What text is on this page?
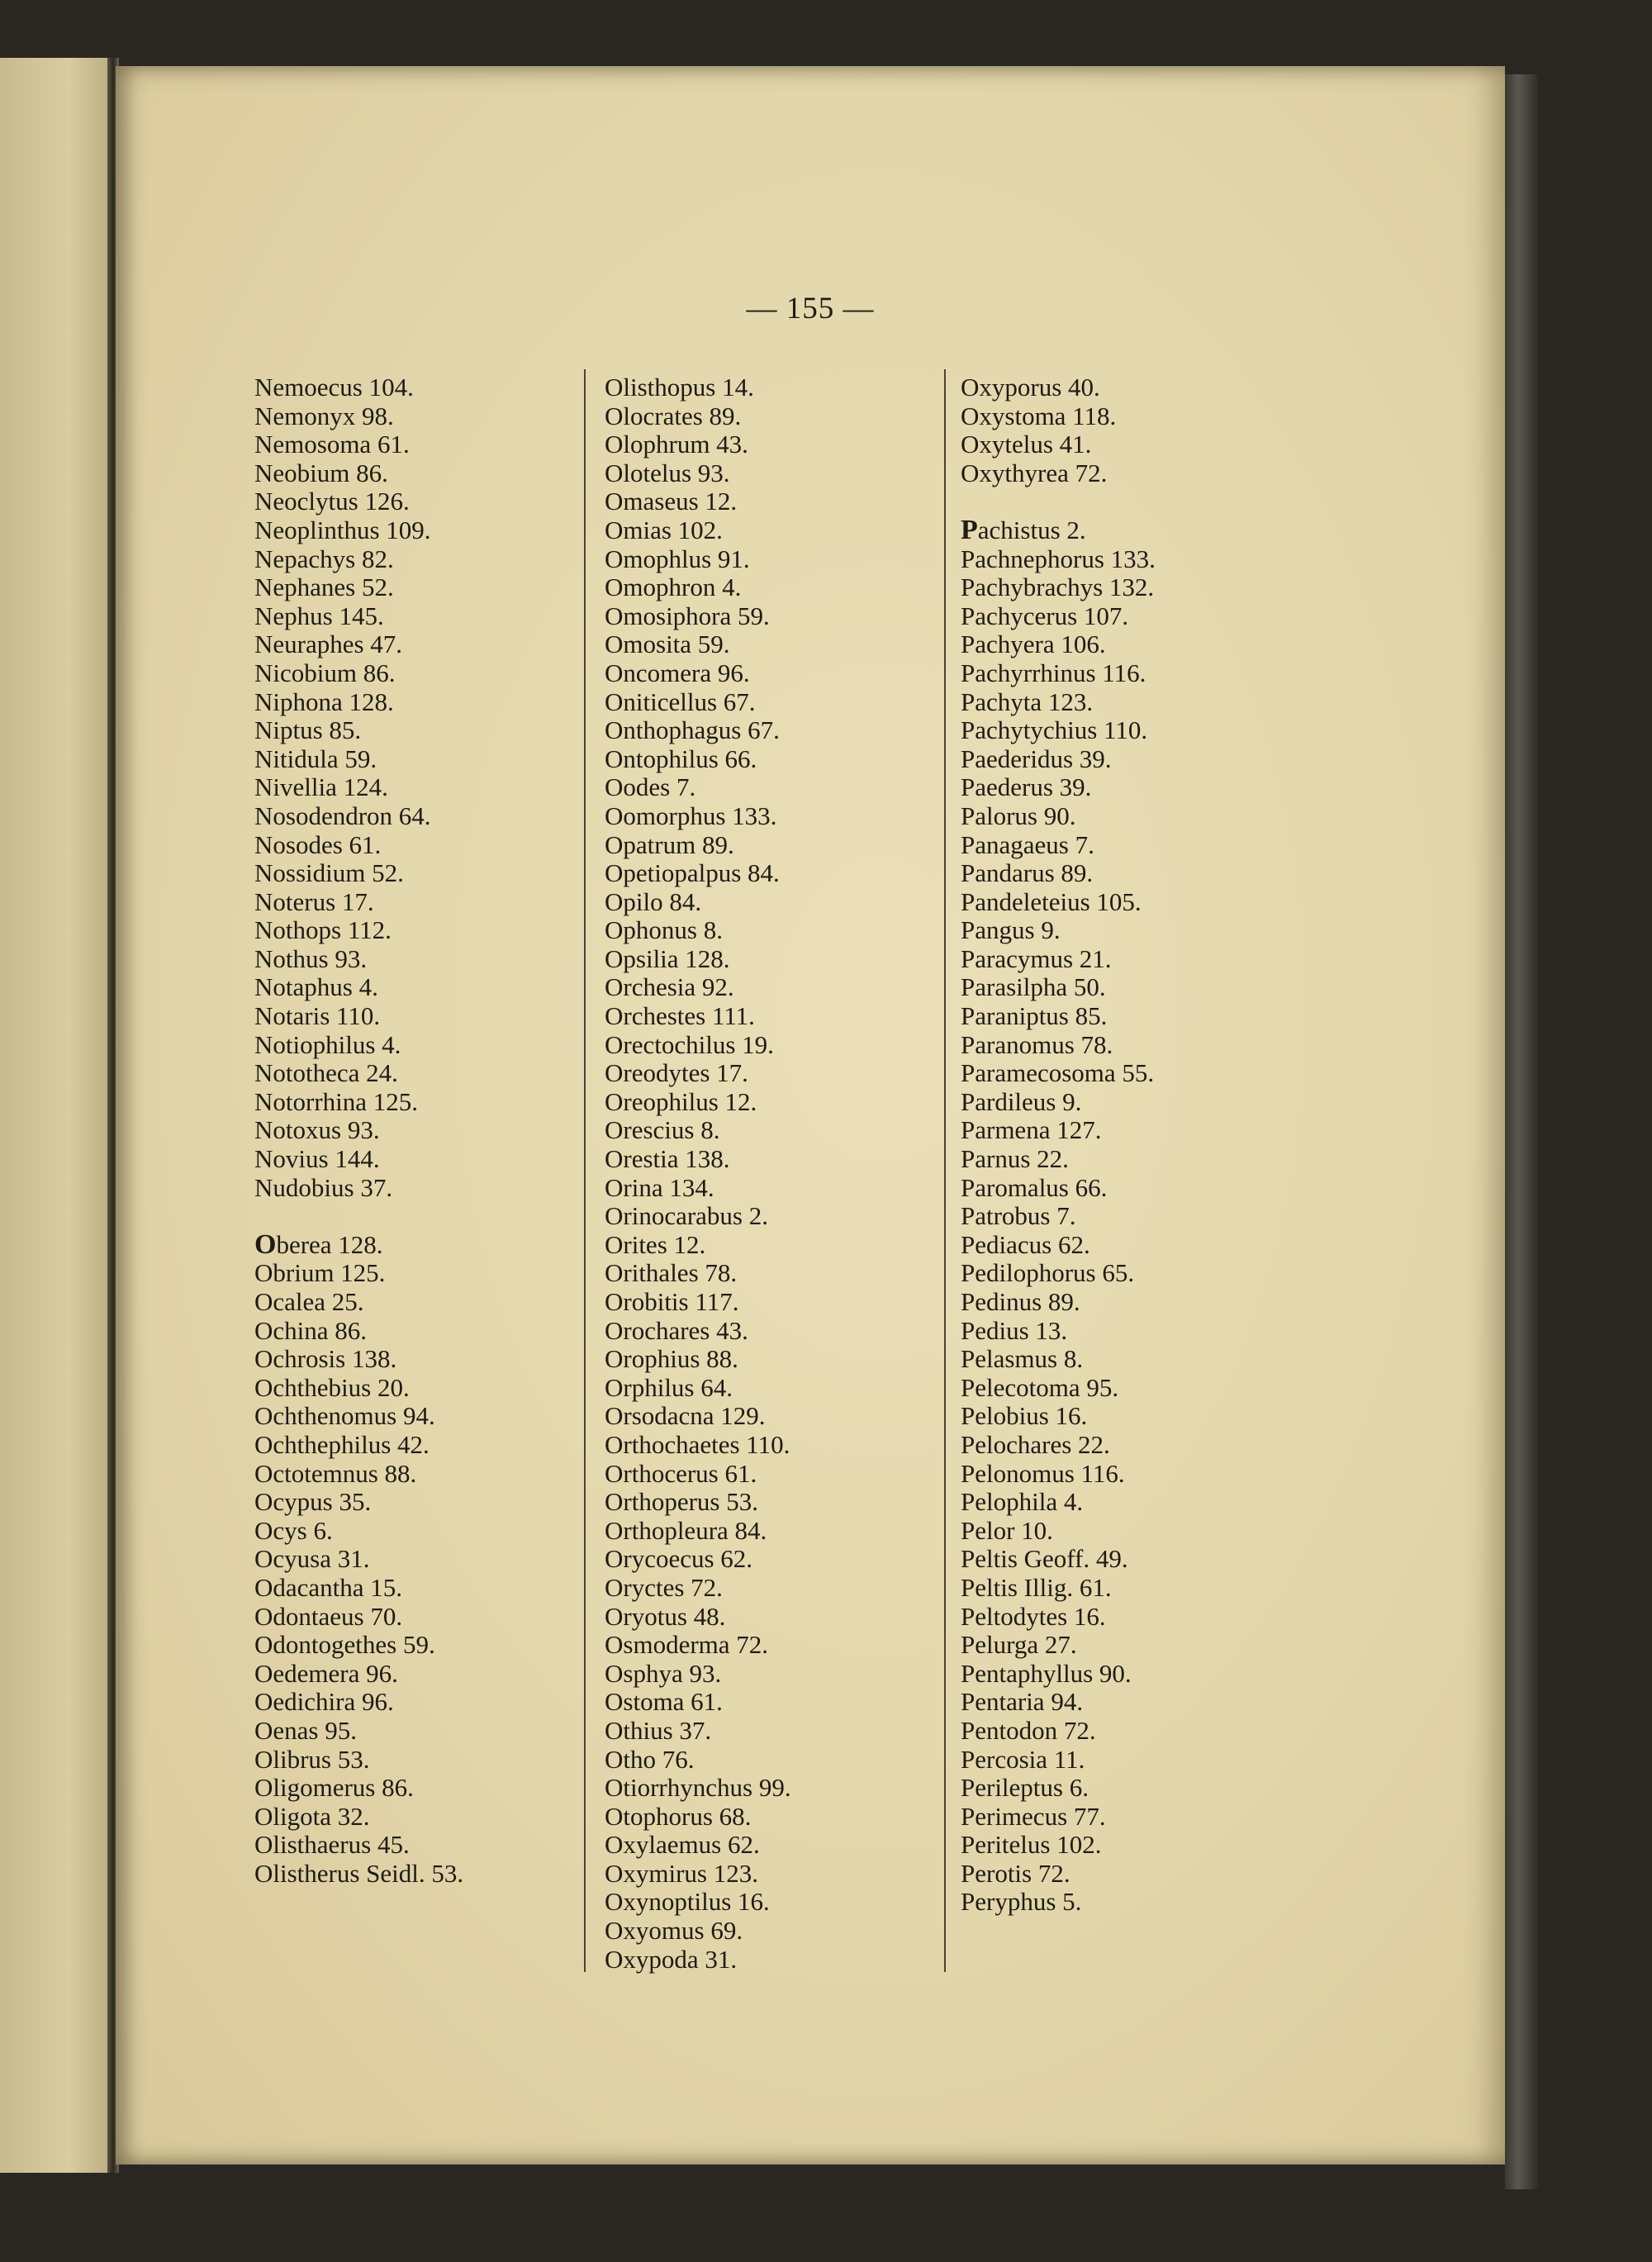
— 155 —
Nemoecus 104.
Nemonyx 98.
Nemosoma 61.
Neobium 86.
Neoclytus 126.
Neoplinthus 109.
Nepachys 82.
Nephanes 52.
Nephus 145.
Neuraphes 47.
Nicobium 86.
Niphona 128.
Niptus 85.
Nitidula 59.
Nivellia 124.
Nosodendron 64.
Nosodes 61.
Nossidium 52.
Noterus 17.
Nothops 112.
Nothus 93.
Notaphus 4.
Notaris 110.
Notiophilus 4.
Nototheca 24.
Notorrhina 125.
Notoxus 93.
Novius 144.
Nudobius 37.
Oberea 128.
Obrium 125.
Ocalea 25.
Ochina 86.
Ochrosis 138.
Ochthebius 20.
Ochthenomus 94.
Ochthephilus 42.
Octotemnus 88.
Ocypus 35.
Ocys 6.
Ocyusa 31.
Odacantha 15.
Odontaeus 70.
Odontogethes 59.
Oedemera 96.
Oedichira 96.
Oenas 95.
Olibrus 53.
Oligomerus 86.
Oligota 32.
Olisthaerus 45.
Olistherus Seidl. 53.
Olisthopus 14.
Olocrates 89.
Olophrum 43.
Olotelus 93.
Omaseus 12.
Omias 102.
Omophlus 91.
Omophron 4.
Omosiphora 59.
Omosita 59.
Oncomera 96.
Oniticellus 67.
Onthophagus 67.
Ontophilus 66.
Oodes 7.
Oomorphus 133.
Opatrum 89.
Opetiopalpus 84.
Opilo 84.
Ophonus 8.
Opsilia 128.
Orchesia 92.
Orchestes 111.
Orectochilus 19.
Oreodytes 17.
Oreophilus 12.
Orescius 8.
Orestia 138.
Orina 134.
Orinocarabus 2.
Orites 12.
Orithales 78.
Orobitis 117.
Orochares 43.
Orophius 88.
Orphilus 64.
Orsodacna 129.
Orthochaetes 110.
Orthocerus 61.
Orthoperus 53.
Orthopleura 84.
Orycoecus 62.
Oryctes 72.
Oryotus 48.
Osmoderma 72.
Osphya 93.
Ostoma 61.
Othius 37.
Otho 76.
Otiorrhynchus 99.
Otophorus 68.
Oxylaemus 62.
Oxymirus 123.
Oxynoptilus 16.
Oxyomus 69.
Oxypoda 31.
Oxyporus 40.
Oxystoma 118.
Oxytelus 41.
Oxythyrea 72.
Pachistus 2.
Pachnephorus 133.
Pachybrachys 132.
Pachycerus 107.
Pachyera 106.
Pachyrrhinus 116.
Pachyta 123.
Pachytychius 110.
Paederidus 39.
Paederus 39.
Palorus 90.
Panagaeus 7.
Pandarus 89.
Pandeleteius 105.
Pangus 9.
Paracymus 21.
Parasilpha 50.
Paraniptus 85.
Paranomus 78.
Paramecosoma 55.
Pardileus 9.
Parmena 127.
Parnus 22.
Paromalus 66.
Patrobus 7.
Pediacus 62.
Pedilophorus 65.
Pedinus 89.
Pedius 13.
Pelasmus 8.
Pelecotoma 95.
Pelobius 16.
Pelochares 22.
Pelonomus 116.
Pelophila 4.
Pelor 10.
Peltis Geoff. 49.
Peltis Illig. 61.
Peltodytes 16.
Pelurga 27.
Pentaphyllus 90.
Pentaria 94.
Pentodon 72.
Percosia 11.
Perileptus 6.
Perimecus 77.
Peritelus 102.
Perotis 72.
Peryphus 5.
